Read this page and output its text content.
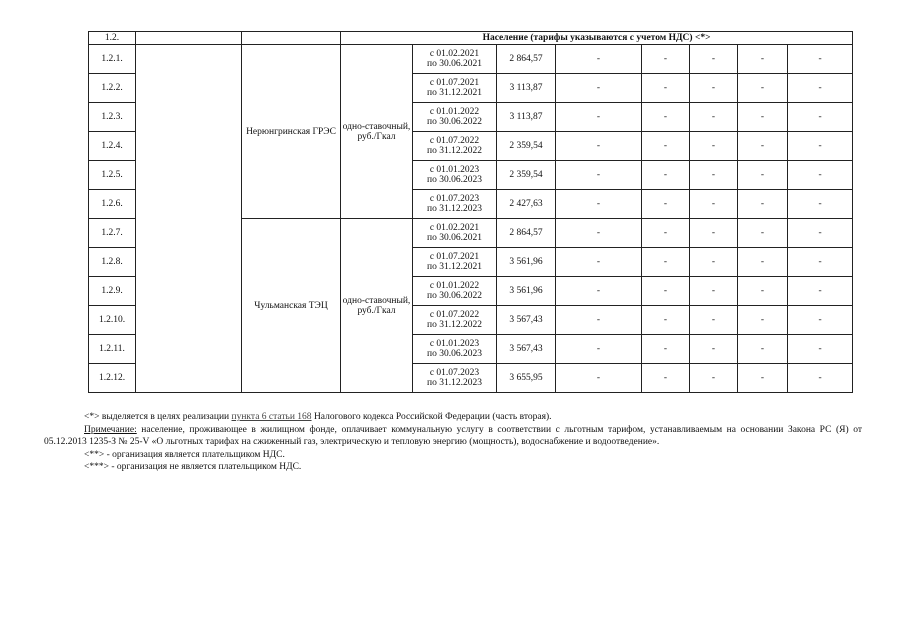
1.2.			Население (тарифы указываются с учетом НДС) <*>							
1.2.1.		Нерюнгринская ГРЭС	одно-ставочный, руб./Гкал	с 01.02.2021
по 30.06.2021	2 864,57	-	-	-	-	-
1.2.2.				с 01.07.2021
по 31.12.2021	3 113,87	-	-	-	-	-
1.2.3.				с 01.01.2022
по 30.06.2022	3 113,87	-	-	-	-	-
1.2.4.				с 01.07.2022
по 31.12.2022	2 359,54	-	-	-	-	-
1.2.5.				с 01.01.2023
по 30.06.2023	2 359,54	-	-	-	-	-
1.2.6.				с 01.07.2023
по 31.12.2023	2 427,63	-	-	-	-	-
1.2.7.		Чульманская ТЭЦ	одно-ставочный, руб./Гкал	с 01.02.2021
по 30.06.2021	2 864,57	-	-	-	-	-
1.2.8.				с 01.07.2021
по 31.12.2021	3 561,96	-	-	-	-	-
1.2.9.				с 01.01.2022
по 30.06.2022	3 561,96	-	-	-	-	-
1.2.10.				с 01.07.2022
по 31.12.2022	3 567,43	-	-	-	-	-
1.2.11.				с 01.01.2023
по 30.06.2023	3 567,43	-	-	-	-	-
1.2.12.				с 01.07.2023
по 31.12.2023	3 655,95	-	-	-	-	-

<*> выделяется в целях реализации пункта 6 статьи 168 Налогового кодекса Российской Федерации (часть вторая).

Примечание: население, проживающее в жилищном фонде, оплачивает коммунальную услугу в соответствии с льготным тарифом, устанавливаемым на основании Закона РС (Я) от 05.12.2013 1235-З № 25-V «О льготных тарифах на сжиженный газ, электрическую и тепловую энергию (мощность), водоснабжение и водоотведение».

<**> - организация является плательщиком НДС.

<***> - организация не является плательщиком НДС.
